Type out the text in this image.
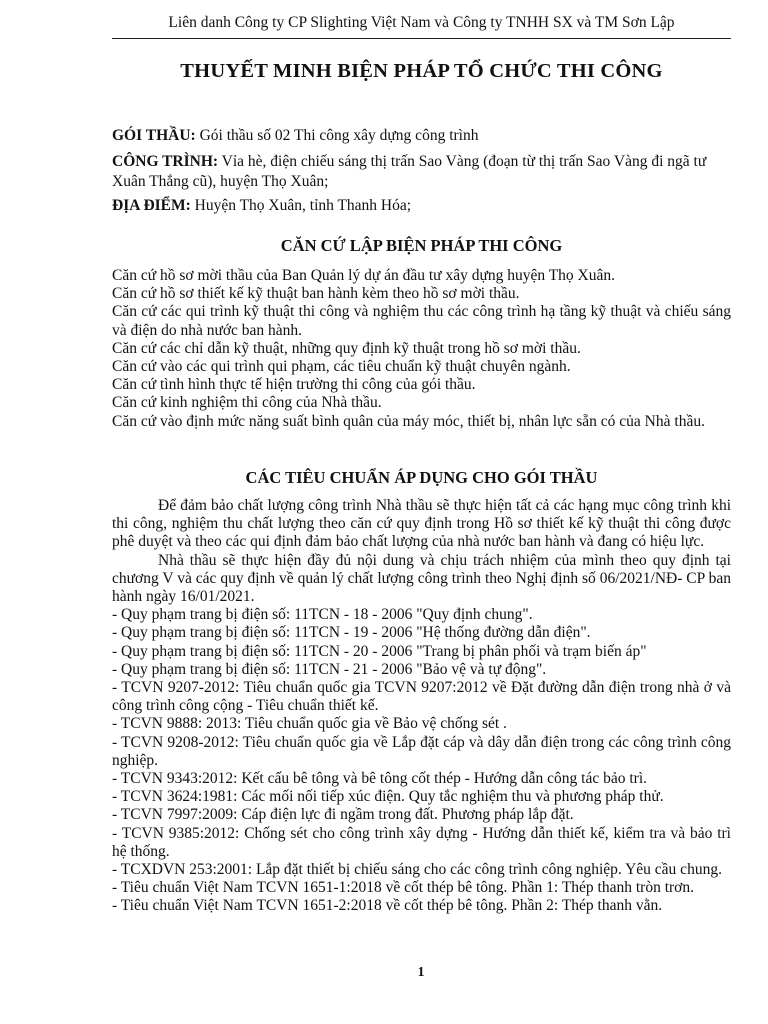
Liên danh Công ty CP Slighting Việt Nam và Công ty TNHH SX và TM Sơn Lập
THUYẾT MINH BIỆN PHÁP TỔ CHỨC THI CÔNG
GÓI THẦU: Gói thầu số 02 Thi công xây dựng công trình
CÔNG TRÌNH: Vỉa hè, điện chiếu sáng thị trấn Sao Vàng (đoạn từ thị trấn Sao Vàng đi ngã tư Xuân Thắng cũ), huyện Thọ Xuân;
ĐỊA ĐIỂM: Huyện Thọ Xuân, tỉnh Thanh Hóa;
CĂN CỨ LẬP BIỆN PHÁP THI CÔNG

Căn cứ hồ sơ mời thầu của Ban Quản lý dự án đầu tư xây dựng huyện Thọ Xuân.

Căn cứ hồ sơ thiết kế kỹ thuật ban hành kèm theo hồ sơ mời thầu.

Căn cứ các qui trình kỹ thuật thi công và nghiệm thu các công trình hạ tầng kỹ thuật và chiếu sáng và điện do nhà nước ban hành.

Căn cứ các chỉ dẫn kỹ thuật, những quy định kỹ thuật trong hồ sơ mời thầu.

Căn cứ vào các qui trình qui phạm, các tiêu chuẩn kỹ thuật chuyên ngành.

Căn cứ tình hình thực tế hiện trường thi công của gói thầu.

Căn cứ kinh nghiệm thi công của Nhà thầu.

Căn cứ vào định mức năng suất bình quân của máy móc, thiết bị, nhân lực sẵn có của Nhà thầu.

CÁC TIÊU CHUẨN ÁP DỤNG CHO GÓI THẦU

Để đảm bảo chất lượng công trình Nhà thầu sẽ thực hiện tất cả các hạng mục công trình khi thi công, nghiệm thu chất lượng theo căn cứ quy định trong Hồ sơ thiết kế kỹ thuật thi công được phê duyệt và theo các qui định đảm bảo chất lượng của nhà nước ban hành và đang có hiệu lực.

Nhà thầu sẽ thực hiện đầy đủ nội dung và chịu trách nhiệm của mình theo quy định tại chương V và các quy định về quản lý chất lượng công trình theo Nghị định số 06/2021/NĐ- CP ban hành ngày 16/01/2021.

- Quy phạm trang bị điện số: 11TCN - 18 - 2006 "Quy định chung".

- Quy phạm trang bị điện số: 11TCN - 19 - 2006 "Hệ thống đường dẫn điện".

- Quy phạm trang bị điện số: 11TCN - 20 - 2006 "Trang bị phân phối và trạm biến áp"

- Quy phạm trang bị điện số: 11TCN - 21 - 2006 "Bảo vệ và tự động".

- TCVN 9207-2012: Tiêu chuẩn quốc gia TCVN 9207:2012 về Đặt đường dẫn điện trong nhà ở và công trình công cộng - Tiêu chuẩn thiết kế.

- TCVN 9888: 2013: Tiêu chuẩn quốc gia về Bảo vệ chống sét .

- TCVN 9208-2012: Tiêu chuẩn quốc gia về Lắp đặt cáp và dây dẫn điện trong các công trình công nghiệp.

- TCVN 9343:2012: Kết cấu bê tông và bê tông cốt thép - Hướng dẫn công tác bảo trì.

- TCVN 3624:1981: Các mối nối tiếp xúc điện. Quy tắc nghiệm thu và phương pháp thử.

- TCVN 7997:2009: Cáp điện lực đi ngầm trong đất. Phương pháp lắp đặt.

- TCVN 9385:2012: Chống sét cho công trình xây dựng - Hướng dẫn thiết kế, kiểm tra và bảo trì hệ thống.

- TCXDVN 253:2001: Lắp đặt thiết bị chiếu sáng cho các công trình công nghiệp. Yêu cầu chung.

- Tiêu chuẩn Việt Nam TCVN 1651-1:2018 về cốt thép bê tông. Phần 1: Thép thanh tròn trơn.

- Tiêu chuẩn Việt Nam TCVN 1651-2:2018 về cốt thép bê tông. Phần 2: Thép thanh vằn.

1
